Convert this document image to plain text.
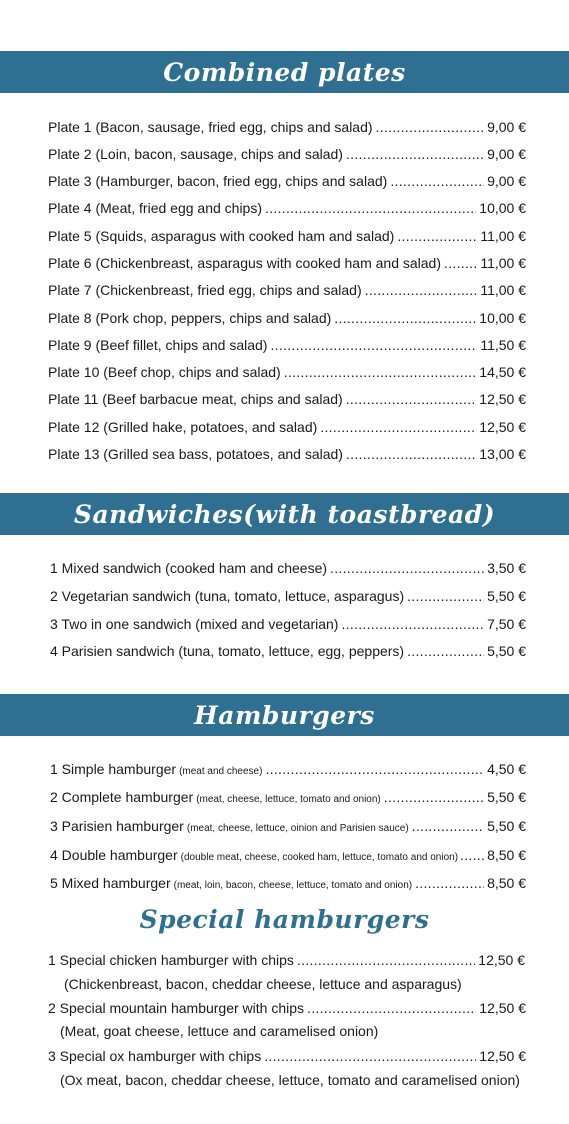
Combined plates
Plate 1 (Bacon, sausage, fried egg, chips and salad) .....	9,00 €
Plate 2 (Loin, bacon, sausage, chips and salad) .....	9,00 €
Plate 3 (Hamburger, bacon, fried egg, chips and salad) .....	9,00 €
Plate 4 (Meat, fried egg and chips) .....	10,00 €
Plate 5 (Squids, asparagus with cooked ham and salad) .....	11,00 €
Plate 6 (Chickenbreast, asparagus with cooked ham and salad) .....	11,00 €
Plate 7 (Chickenbreast, fried egg, chips and salad) .....	11,00 €
Plate 8 (Pork chop, peppers, chips and salad) .....	10,00 €
Plate 9 (Beef fillet, chips and salad) .....	11,50 €
Plate 10 (Beef chop, chips and salad) .....	14,50 €
Plate 11 (Beef barbacue meat, chips and salad) .....	12,50 €
Plate 12 (Grilled hake, potatoes, and salad) .....	12,50 €
Plate 13 (Grilled sea bass, potatoes, and salad) .....	13,00 €
Sandwiches(with toastbread)
1 Mixed sandwich (cooked ham and cheese) .....	3,50 €
2 Vegetarian sandwich (tuna, tomato, lettuce, asparagus) .....	5,50 €
3 Two in one sandwich (mixed and vegetarian) .....	7,50 €
4 Parisien sandwich (tuna, tomato, lettuce, egg, peppers) .....	5,50 €
Hamburgers
1 Simple hamburger (meat and cheese) .....	4,50 €
2 Complete hamburger (meat, cheese, lettuce, tomato and onion) .....	5,50 €
3 Parisien hamburger (meat, cheese, lettuce, oinion and Parisien sauce) .....	5,50 €
4 Double hamburger (double meat, cheese, cooked ham, lettuce, tomato and onion) ..... 8,50 €
5 Mixed hamburger (meat, loin, bacon, cheese, lettuce, tomato and onion) .....	8,50 €
Special hamburgers
1 Special chicken hamburger with chips .....	12,50 €
(Chickenbreast, bacon, cheddar cheese, lettuce and asparagus)
2 Special mountain hamburger with chips .....	12,50 €
(Meat, goat cheese, lettuce and caramelised onion)
3 Special ox hamburger with chips .....	12,50 €
(Ox meat, bacon, cheddar cheese, lettuce, tomato and caramelised onion)
